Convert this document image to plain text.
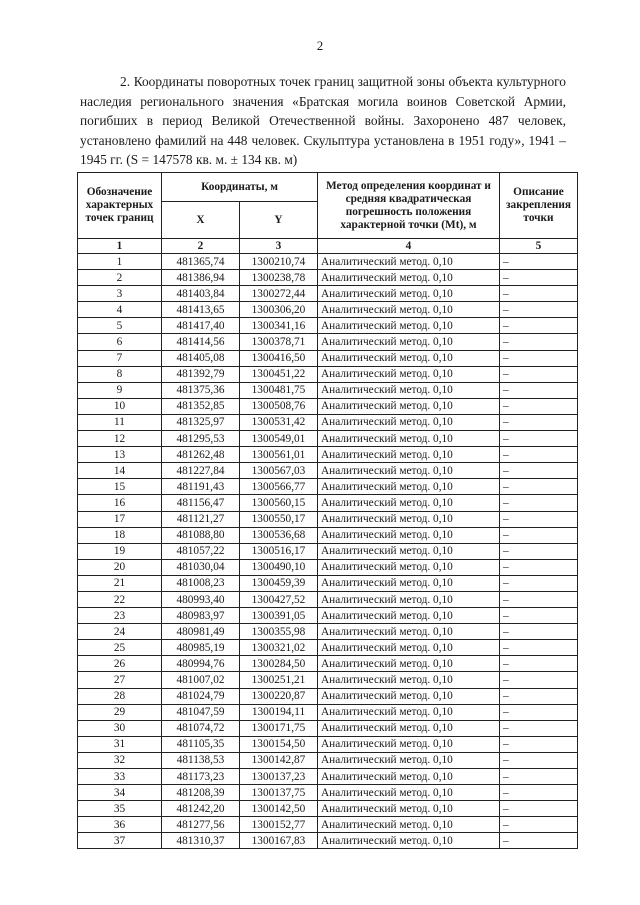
2

2. Координаты поворотных точек границ защитной зоны объекта культурного наследия регионального значения «Братская могила воинов Советской Армии, погибших в период Великой Отечественной войны. Захоронено 487 человек, установлено фамилий на 448 человек. Скульптура установлена в 1951 году», 1941 – 1945 гг. (S = 147578 кв. м. ± 134 кв. м)

Обозначение характерных точек границ	Координаты, м		Метод определения координат и средняя квадратическая погрешность положения характерной точки (Mt), м	Описание закрепления точки
	X	Y		
1	2	3	4	5
1	481365,74	1300210,74	Аналитический метод. 0,10	–
2	481386,94	1300238,78	Аналитический метод. 0,10	–
3	481403,84	1300272,44	Аналитический метод. 0,10	–
4	481413,65	1300306,20	Аналитический метод. 0,10	–
5	481417,40	1300341,16	Аналитический метод. 0,10	–
6	481414,56	1300378,71	Аналитический метод. 0,10	–
7	481405,08	1300416,50	Аналитический метод. 0,10	–
8	481392,79	1300451,22	Аналитический метод. 0,10	–
9	481375,36	1300481,75	Аналитический метод. 0,10	–
10	481352,85	1300508,76	Аналитический метод. 0,10	–
11	481325,97	1300531,42	Аналитический метод. 0,10	–
12	481295,53	1300549,01	Аналитический метод. 0,10	–
13	481262,48	1300561,01	Аналитический метод. 0,10	–
14	481227,84	1300567,03	Аналитический метод. 0,10	–
15	481191,43	1300566,77	Аналитический метод. 0,10	–
16	481156,47	1300560,15	Аналитический метод. 0,10	–
17	481121,27	1300550,17	Аналитический метод. 0,10	–
18	481088,80	1300536,68	Аналитический метод. 0,10	–
19	481057,22	1300516,17	Аналитический метод. 0,10	–
20	481030,04	1300490,10	Аналитический метод. 0,10	–
21	481008,23	1300459,39	Аналитический метод. 0,10	–
22	480993,40	1300427,52	Аналитический метод. 0,10	–
23	480983,97	1300391,05	Аналитический метод. 0,10	–
24	480981,49	1300355,98	Аналитический метод. 0,10	–
25	480985,19	1300321,02	Аналитический метод. 0,10	–
26	480994,76	1300284,50	Аналитический метод. 0,10	–
27	481007,02	1300251,21	Аналитический метод. 0,10	–
28	481024,79	1300220,87	Аналитический метод. 0,10	–
29	481047,59	1300194,11	Аналитический метод. 0,10	–
30	481074,72	1300171,75	Аналитический метод. 0,10	–
31	481105,35	1300154,50	Аналитический метод. 0,10	–
32	481138,53	1300142,87	Аналитический метод. 0,10	–
33	481173,23	1300137,23	Аналитический метод. 0,10	–
34	481208,39	1300137,75	Аналитический метод. 0,10	–
35	481242,20	1300142,50	Аналитический метод. 0,10	–
36	481277,56	1300152,77	Аналитический метод. 0,10	–
37	481310,37	1300167,83	Аналитический метод. 0,10	–
